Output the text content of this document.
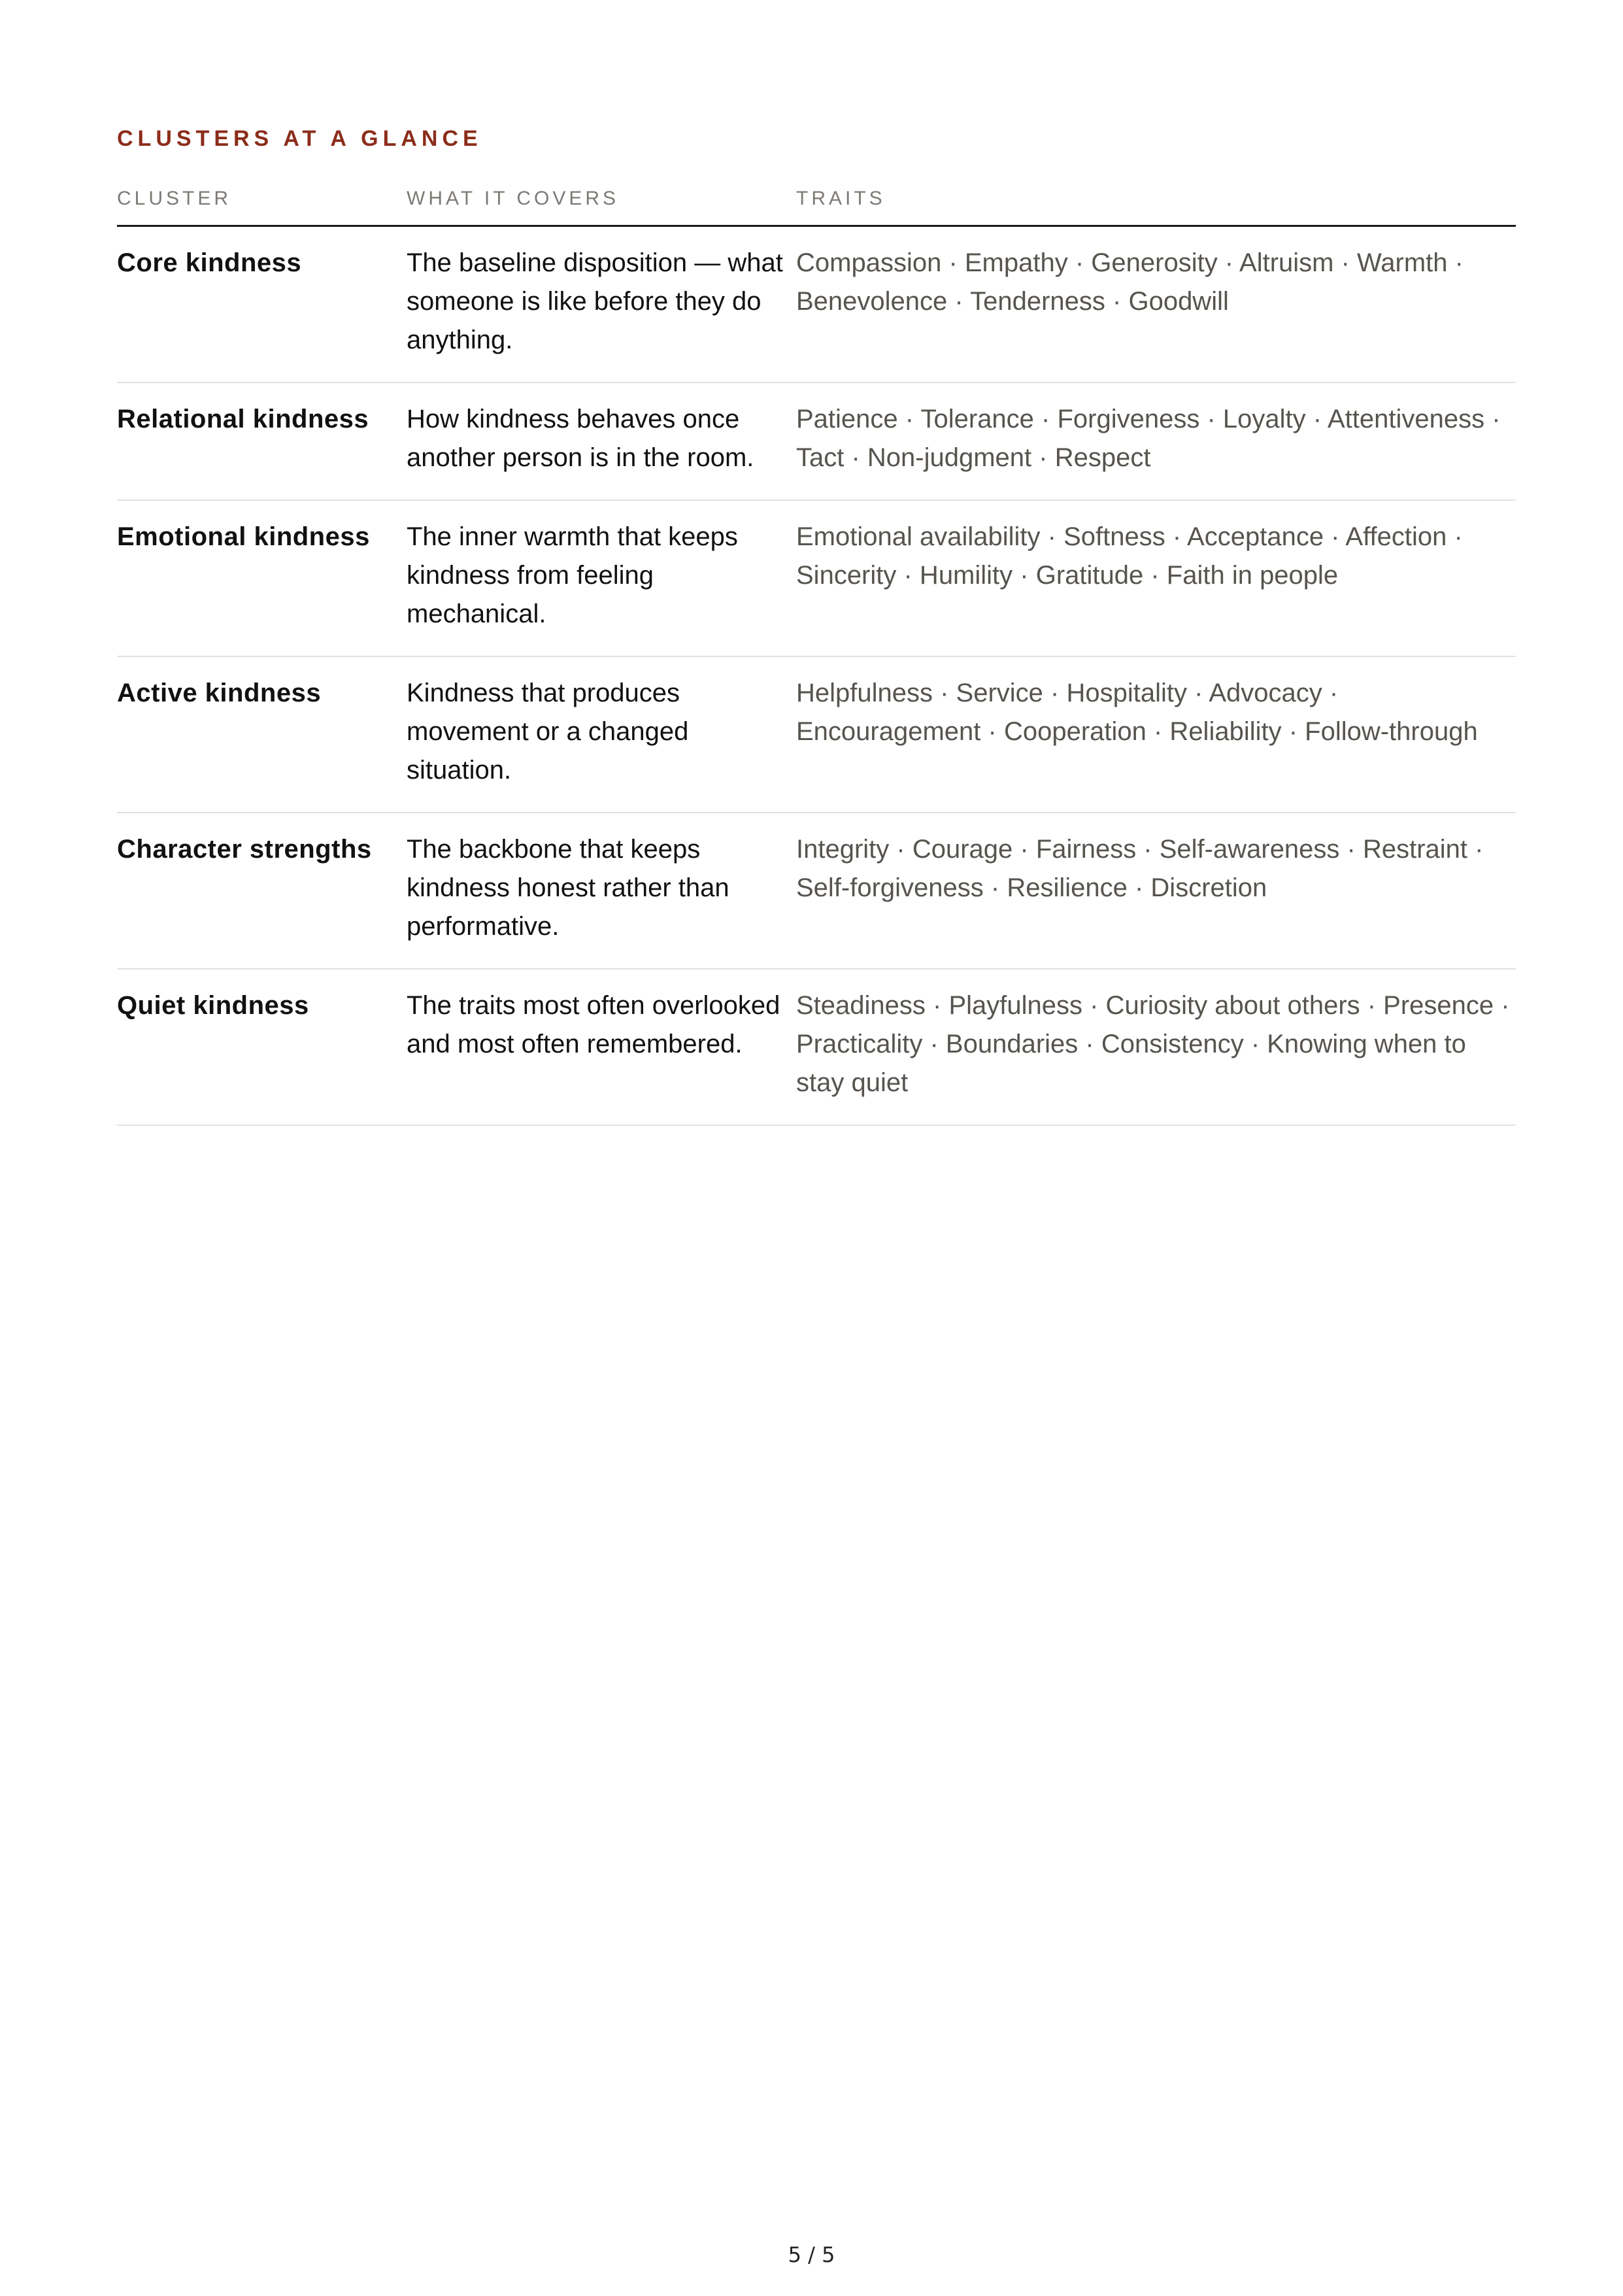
CLUSTERS AT A GLANCE
CLUSTER	WHAT IT COVERS	TRAITS
Core kindness	The baseline disposition — what someone is like before they do anything.	Compassion · Empathy · Generosity · Altruism · Warmth · Benevolence · Tenderness · Goodwill
Relational kindness	How kindness behaves once another person is in the room.	Patience · Tolerance · Forgiveness · Loyalty · Attentiveness · Tact · Non-judgment · Respect
Emotional kindness	The inner warmth that keeps kindness from feeling mechanical.	Emotional availability · Softness · Acceptance · Affection · Sincerity · Humility · Gratitude · Faith in people
Active kindness	Kindness that produces movement or a changed situation.	Helpfulness · Service · Hospitality · Advocacy · Encouragement · Cooperation · Reliability · Follow-through
Character strengths	The backbone that keeps kindness honest rather than performative.	Integrity · Courage · Fairness · Self-awareness · Restraint · Self-forgiveness · Resilience · Discretion
Quiet kindness	The traits most often overlooked and most often remembered.	Steadiness · Playfulness · Curiosity about others · Presence · Practicality · Boundaries · Consistency · Knowing when to stay quiet
5 / 5
